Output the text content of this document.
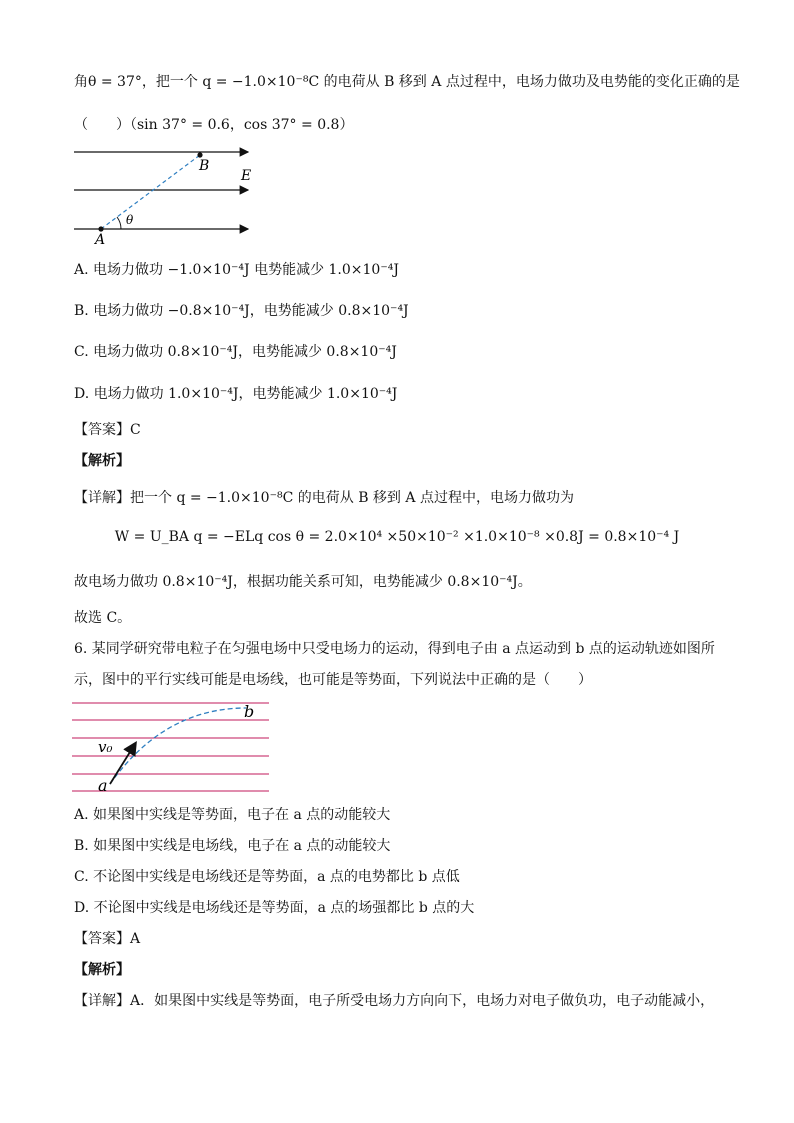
角θ = 37°，把一个 q = −1.0×10⁻⁸C 的电荷从 B 移到 A 点过程中，电场力做功及电势能的变化正确的是
（　　）（sin 37° = 0.6，cos 37° = 0.8）
B
E
θ
A
A. 电场力做功 −1.0×10⁻⁴J 电势能减少 1.0×10⁻⁴J
B. 电场力做功 −0.8×10⁻⁴J，电势能减少 0.8×10⁻⁴J
C. 电场力做功 0.8×10⁻⁴J，电势能减少 0.8×10⁻⁴J
D. 电场力做功 1.0×10⁻⁴J，电势能减少 1.0×10⁻⁴J
【答案】C
【解析】
【详解】把一个 q = −1.0×10⁻⁸C 的电荷从 B 移到 A 点过程中，电场力做功为
W = U_BA q = −ELq cos θ = 2.0×10⁴ ×50×10⁻² ×1.0×10⁻⁸ ×0.8J = 0.8×10⁻⁴ J
故电场力做功 0.8×10⁻⁴J，根据功能关系可知，电势能减少 0.8×10⁻⁴J。
故选 C。
6. 某同学研究带电粒子在匀强电场中只受电场力的运动，得到电子由 a 点运动到 b 点的运动轨迹如图所
示，图中的平行实线可能是电场线，也可能是等势面，下列说法中正确的是（　　）
b
v₀
a
A. 如果图中实线是等势面，电子在 a 点的动能较大
B. 如果图中实线是电场线，电子在 a 点的动能较大
C. 不论图中实线是电场线还是等势面，a 点的电势都比 b 点低
D. 不论图中实线是电场线还是等势面，a 点的场强都比 b 点的大
【答案】A
【解析】
【详解】A．如果图中实线是等势面，电子所受电场力方向向下，电场力对电子做负功，电子动能减小，
